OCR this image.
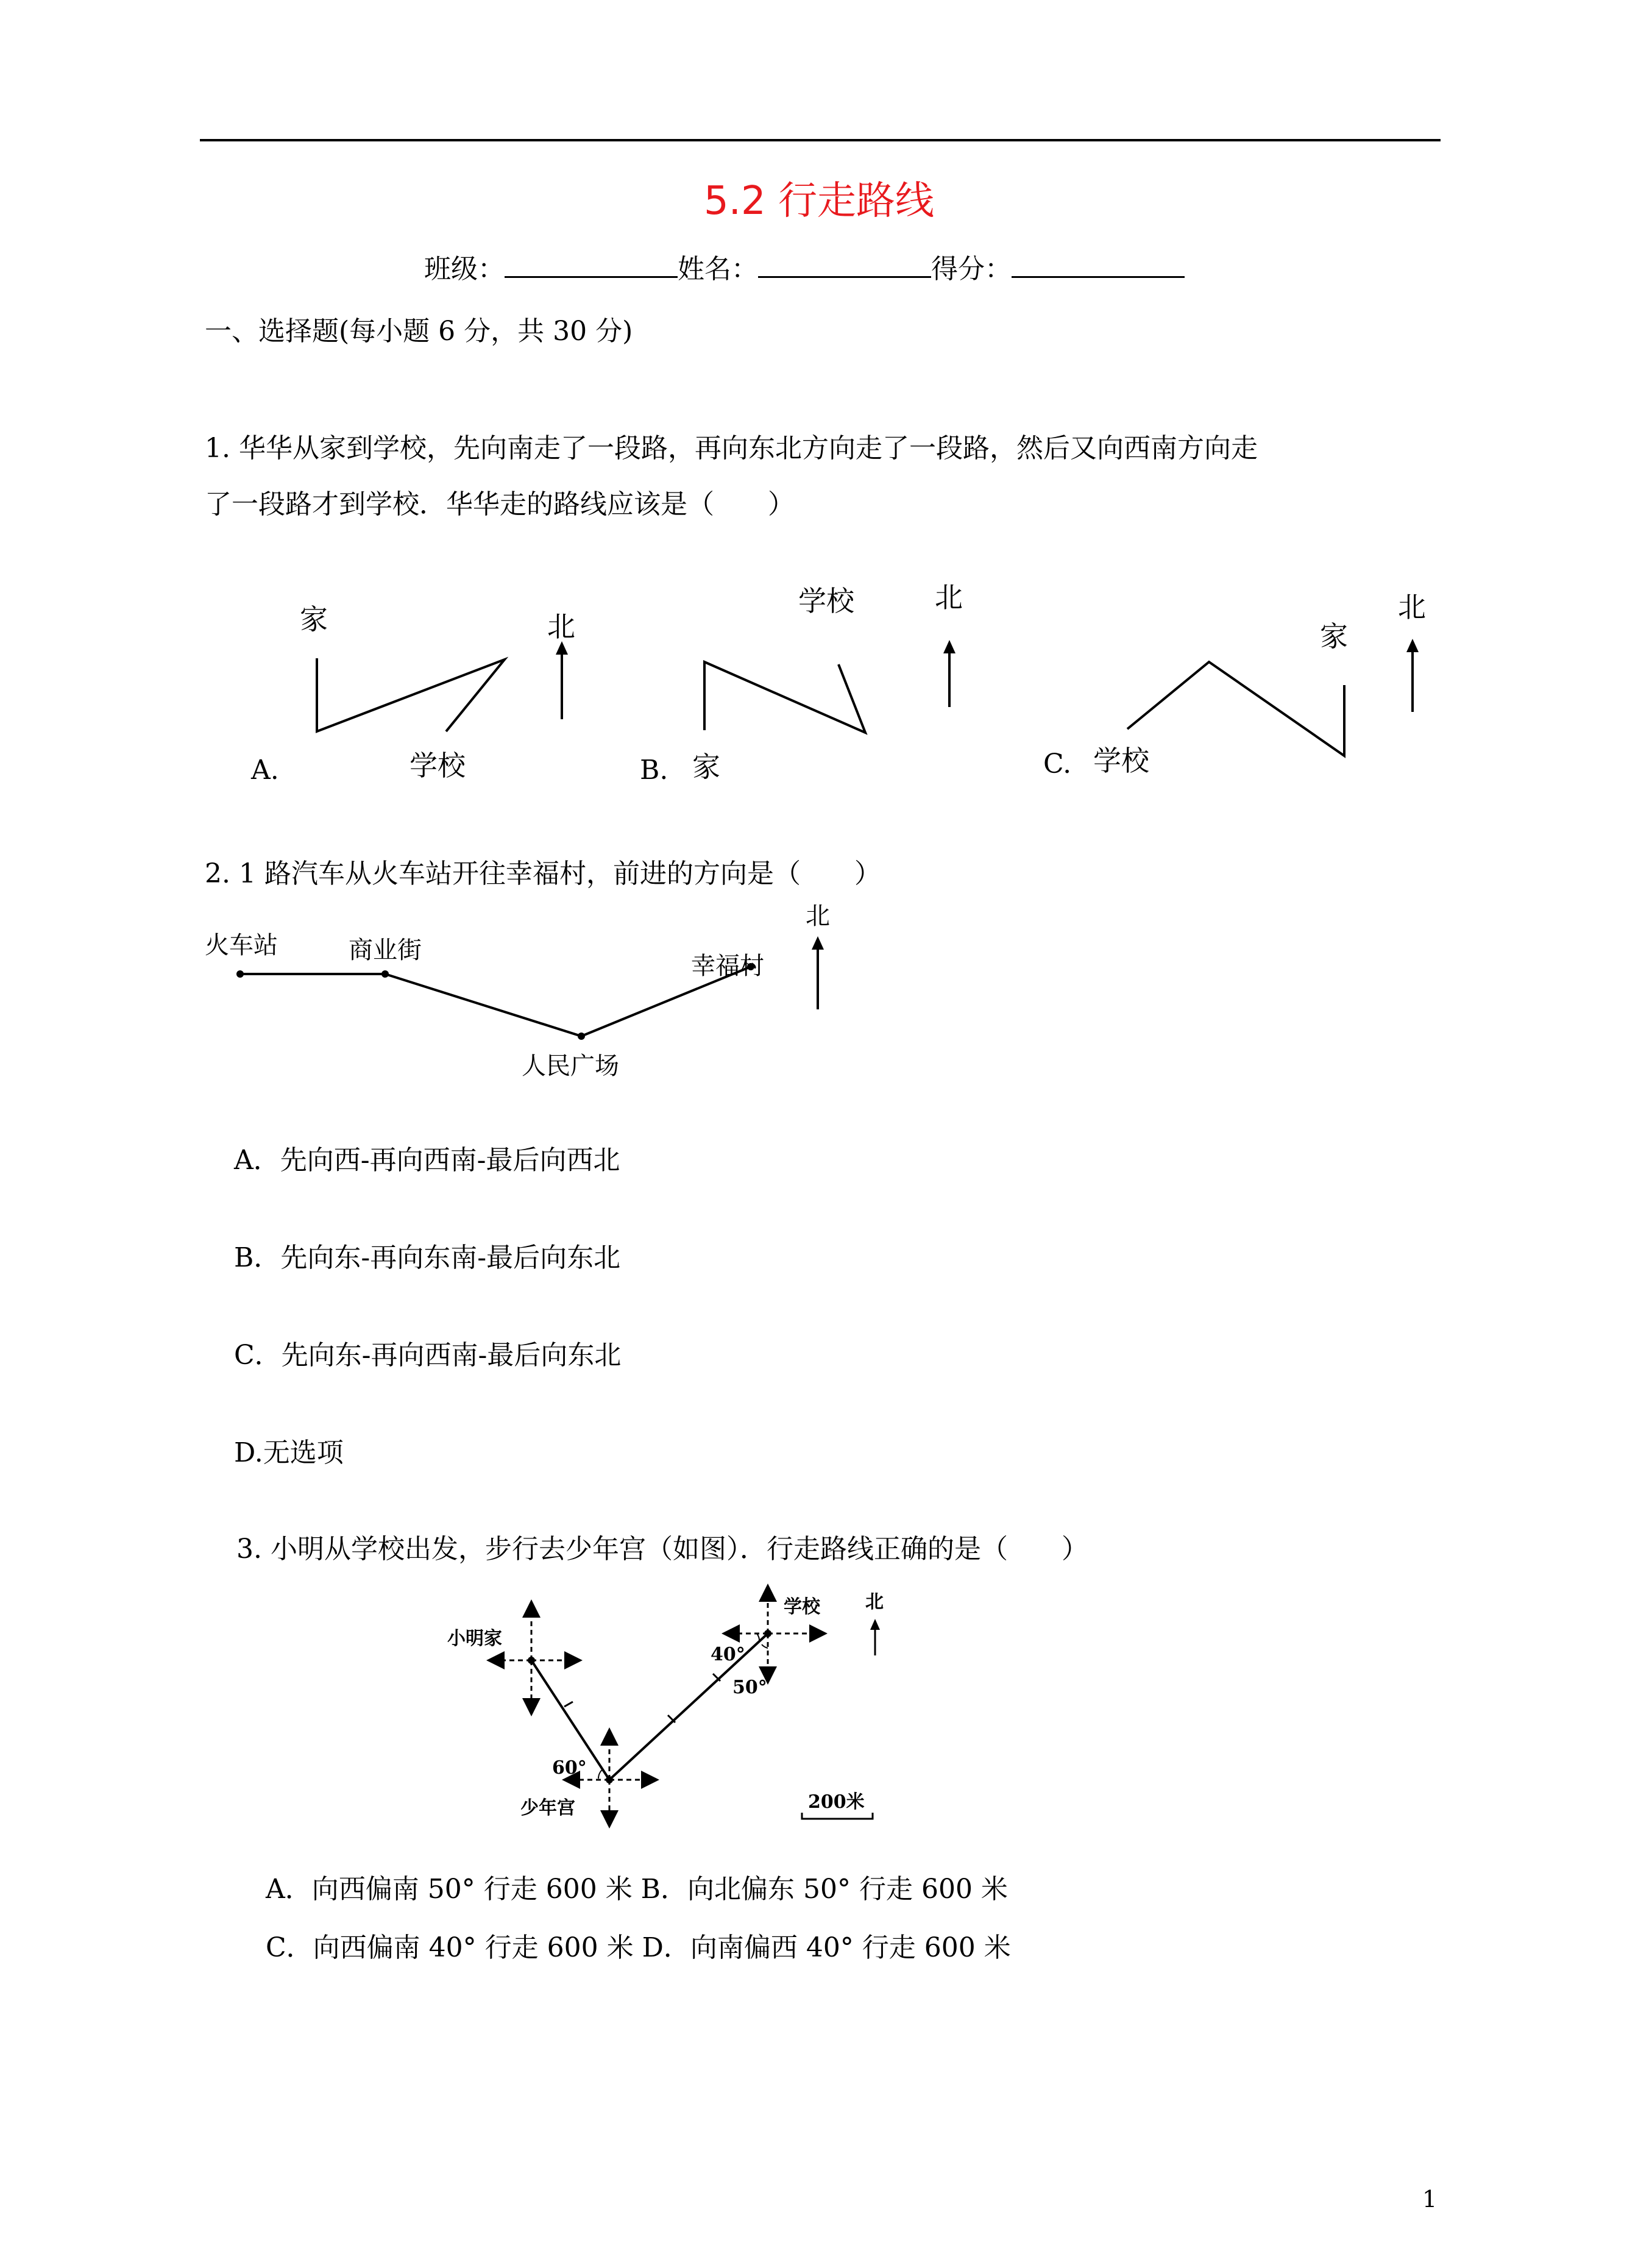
5.2 行走路线
班级：	姓名：	得分：
一、选择题(每小题 6 分，共 30 分)
1. 华华从家到学校，先向南走了一段路，再向东北方向走了一段路，然后又向西南方向走
了一段路才到学校．华华走的路线应该是（　　）
家	北
学校
A.
学校	北
家
B.
北
家
C. 学校
2. 1 路汽车从火车站开往幸福村，前进的方向是（　　）
火车站	商业街
幸福村
北
人民广场
A．先向西-再向西南-最后向西北
B．先向东-再向东南-最后向东北
C．先向东-再向西南-最后向东北
D.无选项
3. 小明从学校出发，步行去少年宫（如图）．行走路线正确的是（　　）
小明家
学校 北
40°
50°
60°
少年宫	200米
A．向西偏南 50° 行走 600 米 B．向北偏东 50° 行走 600 米
C．向西偏南 40° 行走 600 米 D．向南偏西 40° 行走 600 米
1
